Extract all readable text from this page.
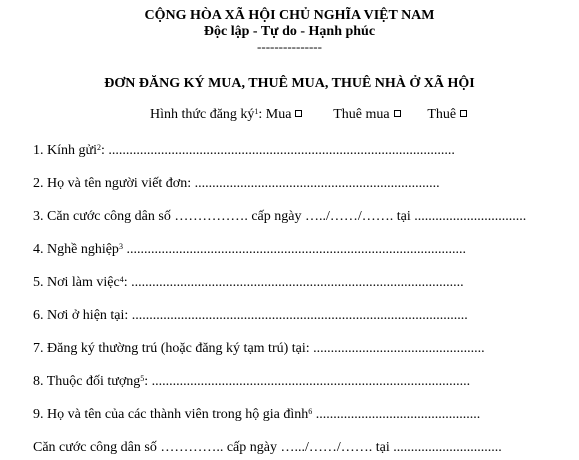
CỘNG HÒA XÃ HỘI CHỦ NGHĨA VIỆT NAM
Độc lập - Tự do - Hạnh phúc
---------------
ĐƠN ĐĂNG KÝ MUA, THUÊ MUA, THUÊ NHÀ Ở XÃ HỘI
Hình thức đăng $ký^1$: Mua	Thuê mua	Thuê
1. Kính gửi$^2$: ...................................................................................................
2. Họ và tên người viết đơn: ......................................................................
3. Căn cước công dân số ……………. cấp ngày …../……/……. tại ................................
4. Nghề nghiệp$^3$ .................................................................................................
5. Nơi làm việc$^4$: ...............................................................................................
6. Nơi ở hiện tại: ................................................................................................
7. Đăng ký thường trú (hoặc đăng ký tạm trú) tại: .................................................
8. Thuộc đối tượng$^5$: ...........................................................................................
9. Họ và tên của các thành viên trong hộ gia đình$^6$ ...............................................
Căn cước công dân số ………….. cấp ngày ….../……/……. tại ...............................
